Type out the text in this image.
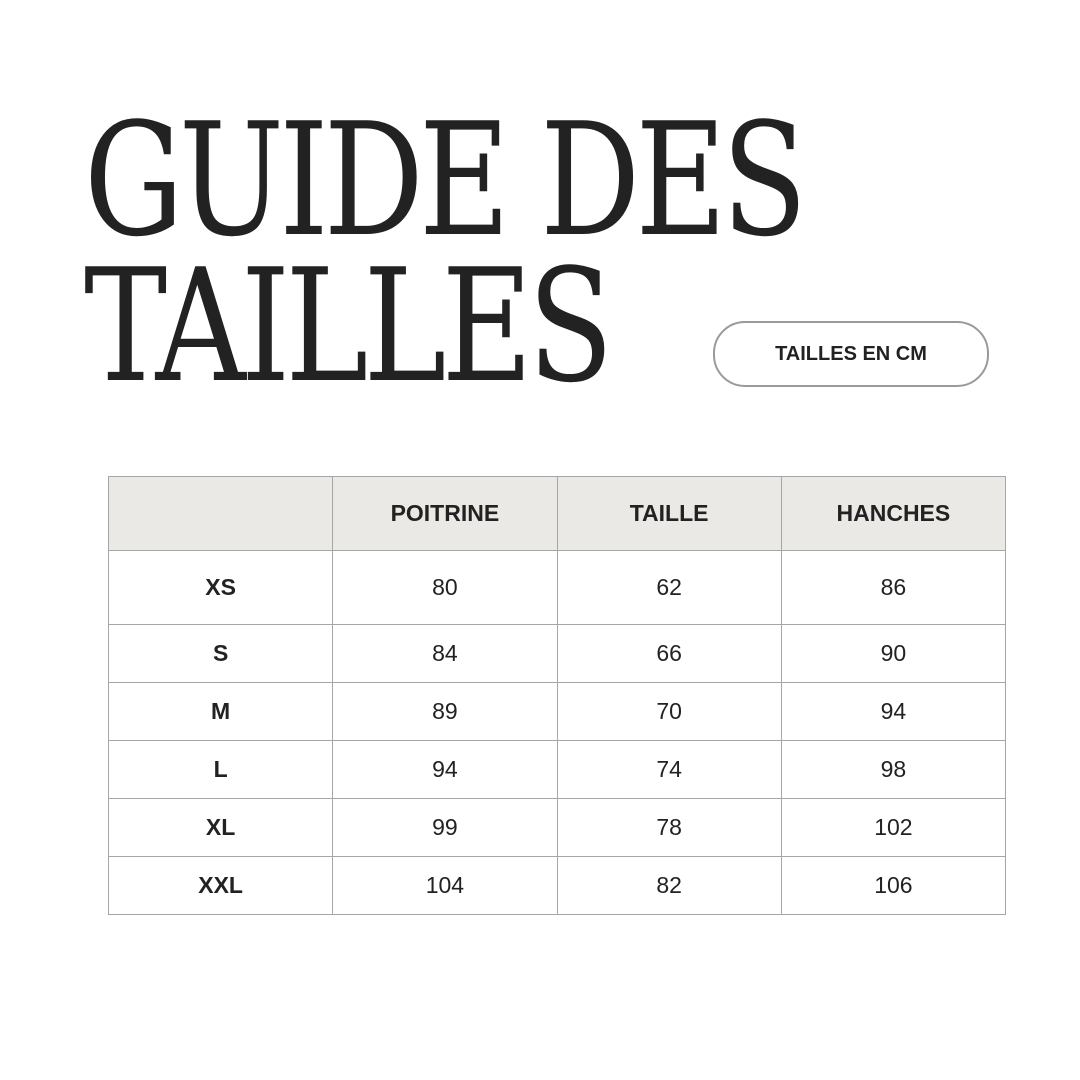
GUIDE DES
TAILLES	TAILLES EN CM
	POITRINE	TAILLE	HANCHES
XS	80	62	86
S	84	66	90
M	89	70	94
L	94	74	98
XL	99	78	102
XXL	104	82	106
